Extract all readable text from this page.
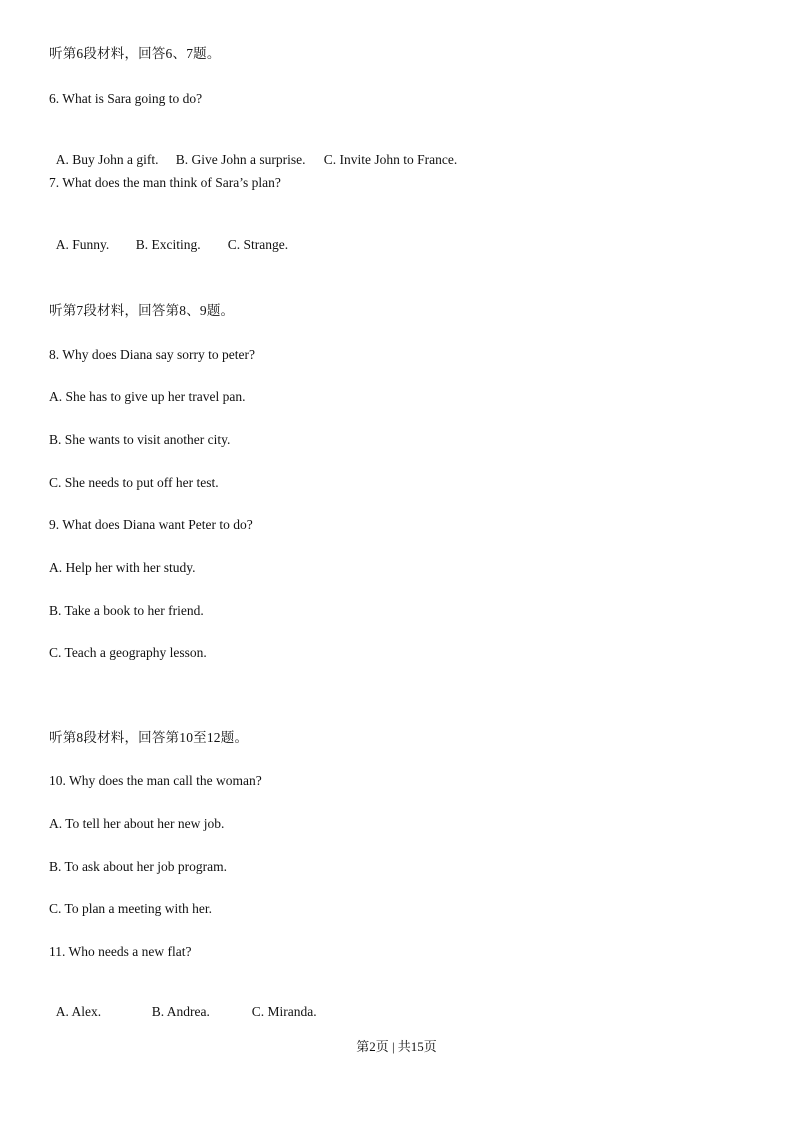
听第6段材料，回答6、7题。
6. What is Sara going to do?

A. Buy John a gift. B. Give John a surprise. C. Invite John to France.

7. What does the man think of Sara’s plan?

A. Funny. B. Exciting. C. Strange.

听第7段材料，回答第8、9题。
8. Why does Diana say sorry to peter?
A. She has to give up her travel pan.
B. She wants to visit another city.
C. She needs to put off her test.
9. What does Diana want Peter to do?
A. Help her with her study.
B. Take a book to her friend.
C. Teach a geography lesson.
听第8段材料，回答第10至12题。
10. Why does the man call the woman?
A. To tell her about her new job.
B. To ask about her job program.
C. To plan a meeting with her.
11. Who needs a new flat?

A. Alex.	B. Andrea.	C. Miranda.

第2页 | 共15页
